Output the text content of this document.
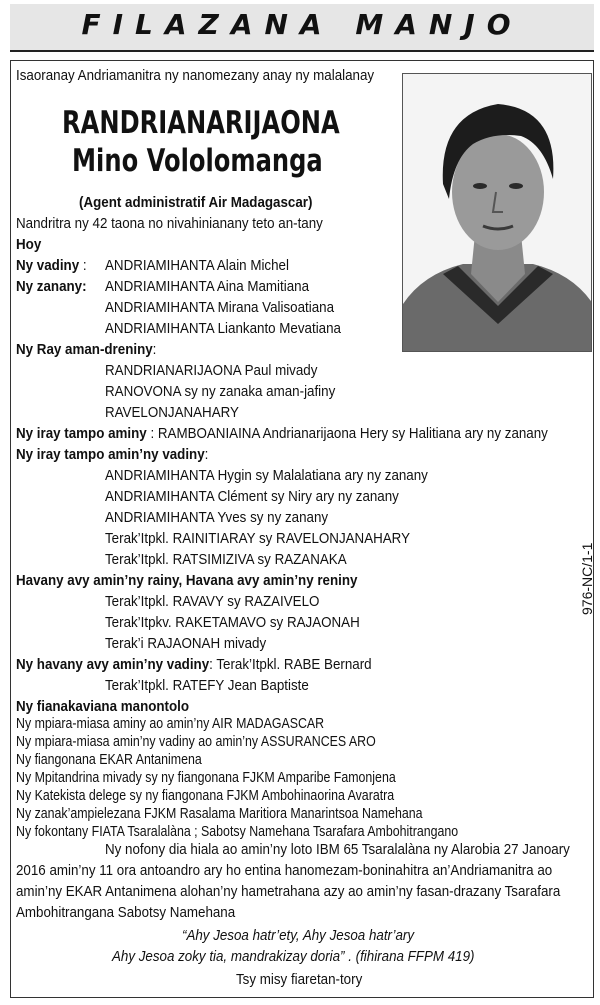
FILAZANA MANJO
Isaoranay Andriamanitra ny nanomezany anay ny malalanay
RANDRIANARIJAONA
Mino Vololomanga
(Agent administratif Air Madagascar)
Nandritra ny 42 taona no nivahinianany teto an-tany
Hoy
Ny vadiny : ANDRIAMIHANTA Alain Michel
Ny zanany: ANDRIAMIHANTA Aina Mamitiana
ANDRIAMIHANTA Mirana Valisoatiana
ANDRIAMIHANTA Liankanto Mevatiana
Ny Ray aman-dreniny:
RANDRIANARIJAONA Paul mivady
RANOVONA sy ny zanaka aman-jafiny
RAVELONJANAHARY
Ny iray tampo aminy : RAMBOANIAINA Andrianarijaona Hery sy Halitiana ary ny zanany
Ny iray tampo amin’ny vadiny:
ANDRIAMIHANTA Hygin sy Malalatiana ary ny zanany
ANDRIAMIHANTA Clément sy Niry ary ny zanany
ANDRIAMIHANTA Yves sy ny zanany
Terak’Itpkl. RAINITIARAY sy RAVELONJANAHARY
Terak’Itpkl. RATSIMIZIVA sy RAZANAKA
Havany avy amin’ny rainy, Havana avy amin’ny reniny
Terak’Itpkl. RAVAVY sy RAZAIVELO
Terak’Itpkv. RAKETAMAVO sy RAJAONAH
Terak’i RAJAONAH mivady
Ny havany avy amin’ny vadiny: Terak’Itpkl. RABE Bernard
Terak’Itpkl. RATEFY Jean Baptiste
Ny fianakaviana manontolo
Ny mpiara-miasa aminy ao amin’ny AIR MADAGASCAR
Ny mpiara-miasa amin’ny vadiny ao amin’ny ASSURANCES ARO
Ny fiangonana EKAR Antanimena
Ny Mpitandrina mivady sy ny fiangonana FJKM Amparibe Famonjena
Ny Katekista delege sy ny fiangonana FJKM Ambohinaorina Avaratra
Ny zanak’ampielezana FJKM Rasalama Maritiora Manarintsoa Namehana
Ny fokontany FIATA Tsaralalàna ; Sabotsy Namehana Tsarafara Ambohitrangano
Ny nofony dia hiala ao amin’ny loto IBM 65 Tsaralalàna ny Alarobia 27 Janoary
2016 amin’ny 11 ora antoandro ary ho entina hanomezam-boninahitra an’Andriamanitra ao
amin’ny EKAR Antanimena alohan’ny hametrahana azy ao amin’ny fasan-drazany Tsarafara
Ambohitrangana Sabotsy Namehana
“Ahy Jesoa hatr’ety, Ahy Jesoa hatr’ary
Ahy Jesoa zoky tia, mandrakizay doria” . (fihirana FFPM 419)
Tsy misy fiaretan-tory
976-NC/1-1
